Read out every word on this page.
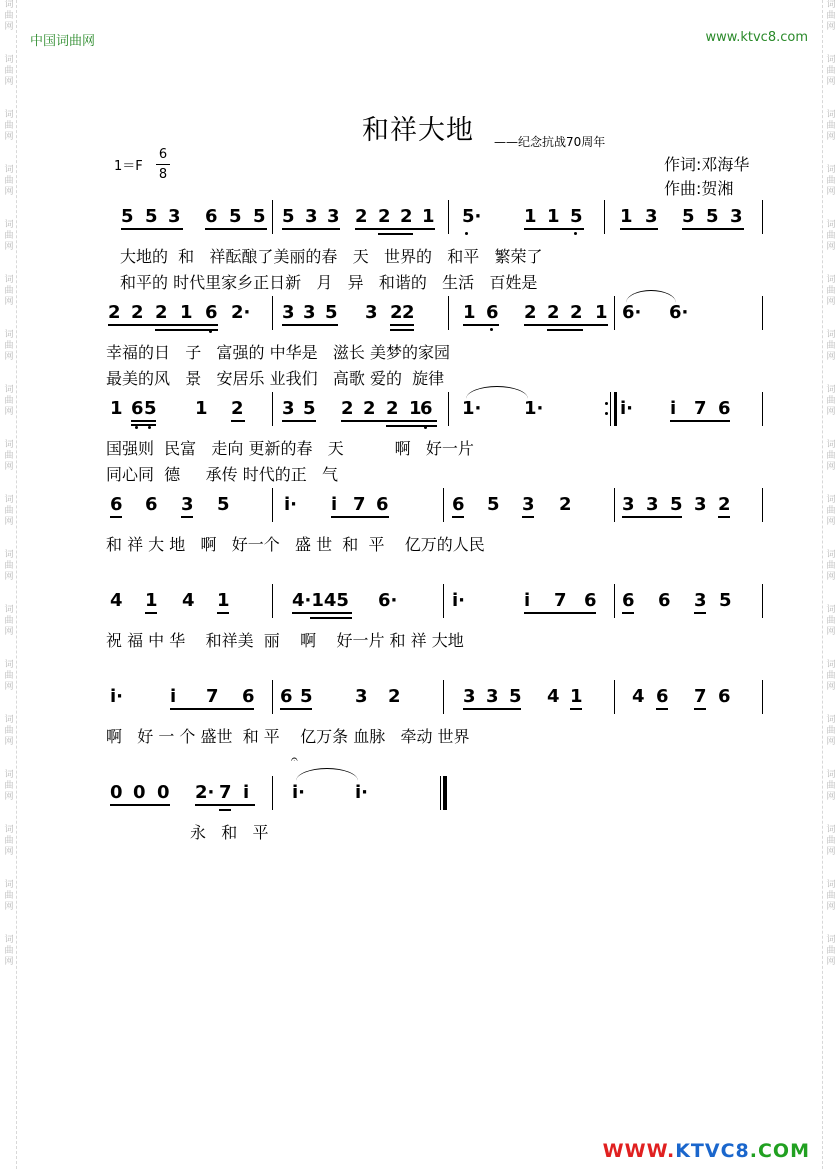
词
曲
网
词
曲
网
词
曲
网
词
曲
网
词
曲
网
词
曲
网
词
曲
网
词
曲
网
词
曲
网
词
曲
网
词
曲
网
词
曲
网
词
曲
网
词
曲
网
词
曲
网
词
曲
网
词
曲
网
词
曲
网
词
曲
网
词
曲
网
词
曲
网
词
曲
网
词
曲
网
词
曲
网
词
曲
网
词
曲
网
词
曲
网
词
曲
网
词
曲
网
词
曲
网
词
曲
网
词
曲
网
词
曲
网
词
曲
网
词
曲
网
词
曲
网
中国词曲网	www.ktvc8.com
和祥大地 ——纪念抗战70周年
1＝F
6
8
作词:邓海华
作曲:贺湘
5 5 3 6 5 5 5 3 3 2 2 2 1 5· 1 1 5 1 3 5 5 3
大地的  和   祥酝酿了美丽的春   天   世界的   和平   繁荣了
和平的 时代里家乡正日新   月   异   和谐的   生活   百姓是
2 2 2 1 6 2· 3 3 5 3 2 2	1 6 2 2 2 1 6· 6·
幸福的日   子   富强的 中华是   滋长 美梦的家园
最美的风   景   安居乐 业我们   高歌 爱的  旋律
1 6 5 1 2 3 5 2 2 2 1
6 1· 1·	i· i 7 6
国强则  民富   走向 更新的春   天          啊   好一片
同心同  德     承传 时代的正   气
6 6 3 5	i· i 7 6	6 5 3 2	3 3 5 3 2
和 祥 大 地   啊   好一个   盛 世  和  平    亿万的人民
4 1 4 1	4·145 6·	i·	i 7 6 6 6 3 5
祝 福 中 华    和祥美  丽    啊    好一片 和 祥 大地
i·	i 7 6 6 5 3 2	3 3 5 4 1	4 6 7 6
啊   好 一 个 盛世  和 平    亿万条 血脉   牵动 世界
0 0 0 2· 7 i i·	i·
𝄐
永   和   平
WWW.KTVC8.COM
